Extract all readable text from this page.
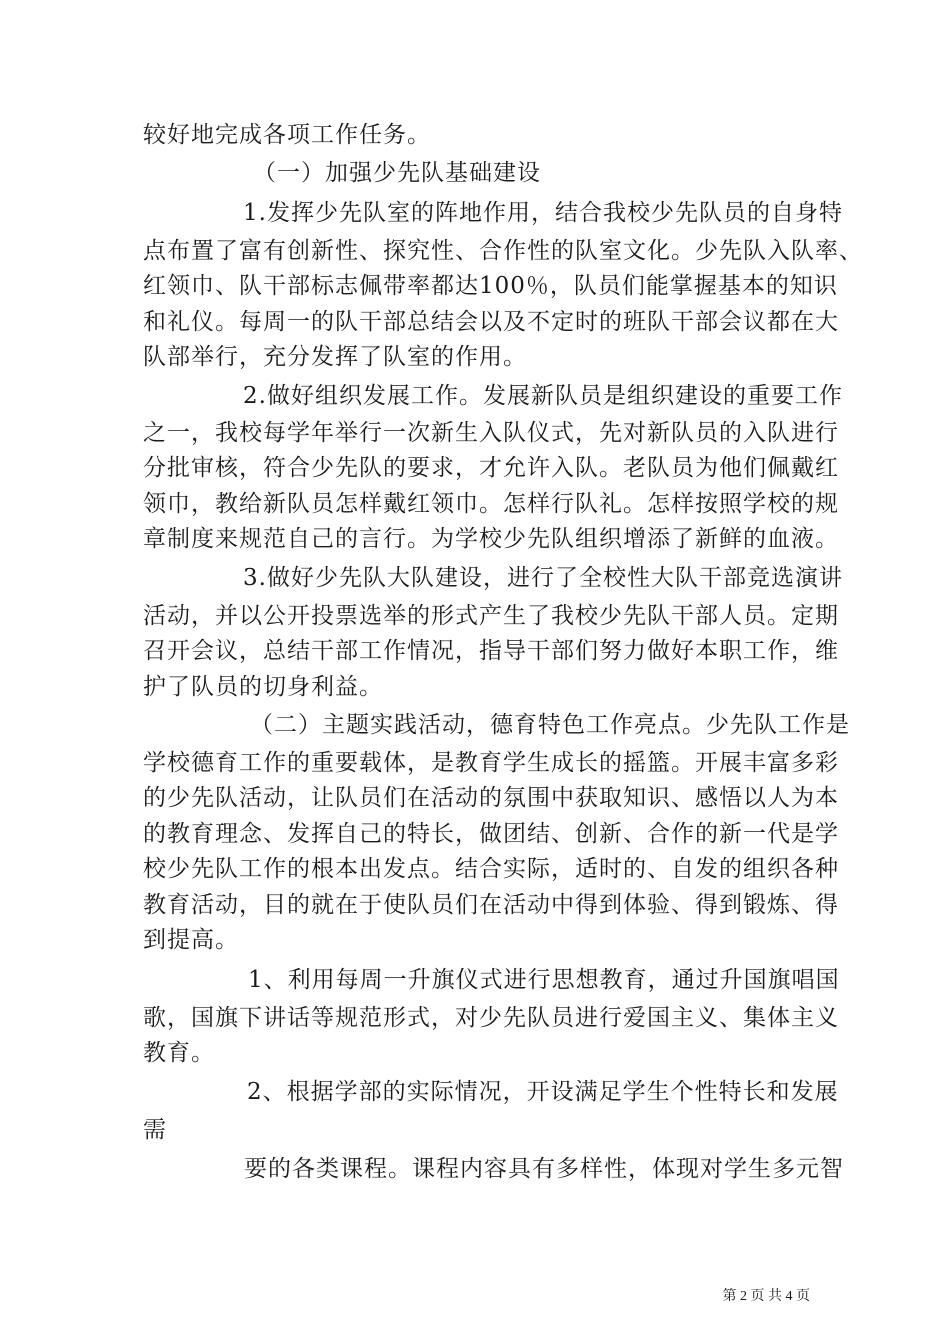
较好地完成各项工作任务。
（一）加强少先队基础建设
1.发挥少先队室的阵地作用，结合我校少先队员的自身特
点布置了富有创新性、探究性、合作性的队室文化。少先队入队率、
红领巾、队干部标志佩带率都达100％，队员们能掌握基本的知识
和礼仪。每周一的队干部总结会以及不定时的班队干部会议都在大
队部举行，充分发挥了队室的作用。
2.做好组织发展工作。发展新队员是组织建设的重要工作
之一，我校每学年举行一次新生入队仪式，先对新队员的入队进行
分批审核，符合少先队的要求，才允许入队。老队员为他们佩戴红
领巾，教给新队员怎样戴红领巾。怎样行队礼。怎样按照学校的规
章制度来规范自己的言行。为学校少先队组织增添了新鲜的血液。
3.做好少先队大队建设，进行了全校性大队干部竞选演讲
活动，并以公开投票选举的形式产生了我校少先队干部人员。定期
召开会议，总结干部工作情况，指导干部们努力做好本职工作，维
护了队员的切身利益。
（二）主题实践活动，德育特色工作亮点。少先队工作是
学校德育工作的重要载体，是教育学生成长的摇篮。开展丰富多彩
的少先队活动，让队员们在活动的氛围中获取知识、感悟以人为本
的教育理念、发挥自己的特长，做团结、创新、合作的新一代是学
校少先队工作的根本出发点。结合实际，适时的、自发的组织各种
教育活动，目的就在于使队员们在活动中得到体验、得到锻炼、得
到提高。
1、利用每周一升旗仪式进行思想教育，通过升国旗唱国
歌，国旗下讲话等规范形式，对少先队员进行爱国主义、集体主义
教育。
2、根据学部的实际情况，开设满足学生个性特长和发展
需
要的各类课程。课程内容具有多样性，体现对学生多元智
第 2 页 共 4 页
